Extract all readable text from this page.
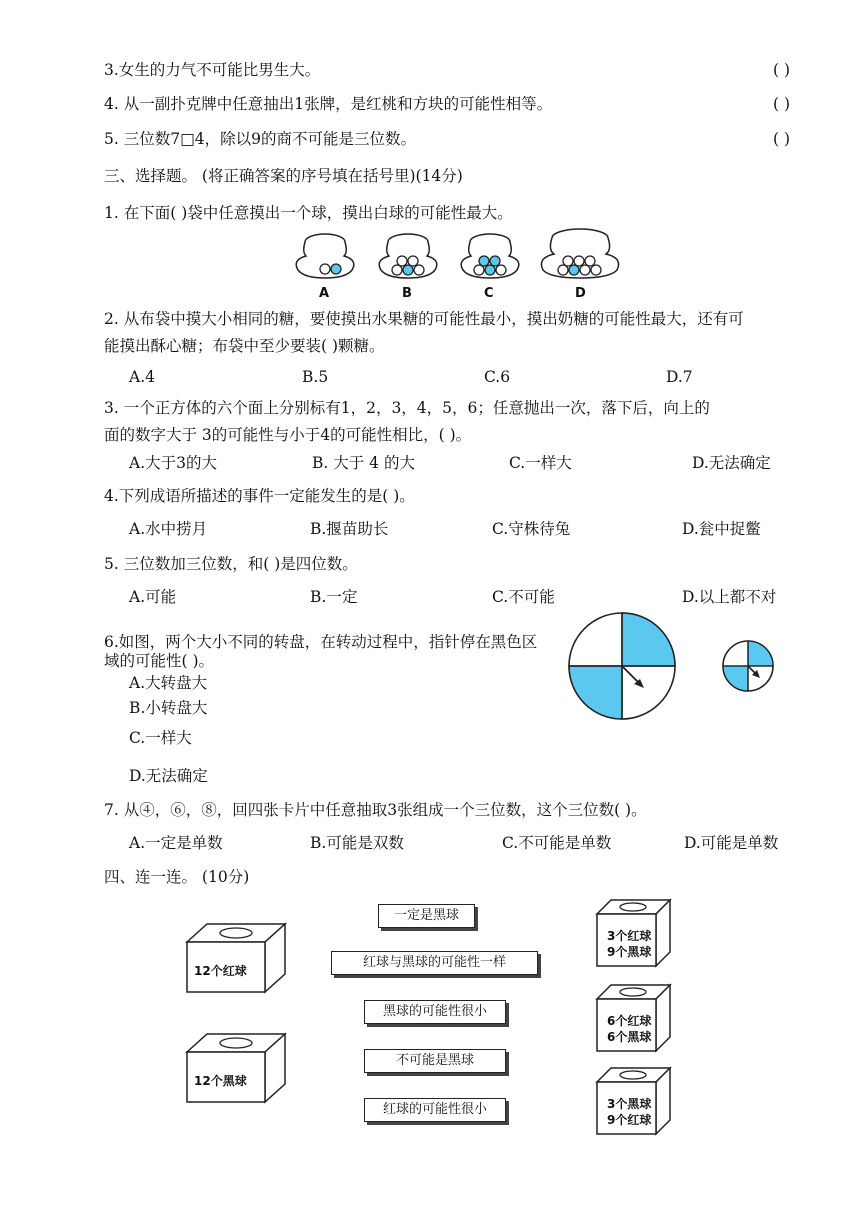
3.女生的力气不可能比男生大。	( )
4. 从一副扑克牌中任意抽出1张牌，是红桃和方块的可能性相等。	( )
5. 三位数7□4，除以9的商不可能是三位数。	( )
三、选择题。 (将正确答案的序号填在括号里)(14分)
1. 在下面( )袋中任意摸出一个球，摸出白球的可能性最大。
A	B	C	D
2. 从布袋中摸大小相同的糖，要使摸出水果糖的可能性最小，摸出奶糖的可能性最大，还有可
能摸出酥心糖；布袋中至少要装( )颗糖。
A.4	B.5	C.6	D.7
3. 一个正方体的六个面上分别标有1，2，3，4，5，6；任意抛出一次，落下后，向上的
面的数字大于 3的可能性与小于4的可能性相比，( )。
A.大于3的大	B. 大于 4 的大	C.一样大	D.无法确定
4.下列成语所描述的事件一定能发生的是( )。
A.水中捞月	B.揠苗助长	C.守株待兔	D.瓮中捉鳖
5. 三位数加三位数，和( )是四位数。
A.可能	B.一定	C.不可能	D.以上都不对
6.如图，两个大小不同的转盘，在转动过程中，指针停在黑色区
域的可能性( )。
A.大转盘大
B.小转盘大
C.一样大
D.无法确定
7. 从④，⑥，⑧，回四张卡片中任意抽取3张组成一个三位数，这个三位数( )。
A.一定是单数	B.可能是双数	C.不可能是单数	D.可能是单数
四、连一连。 (10分)
12个红球
12个黑球
一定是黑球
红球与黑球的可能性一样
黑球的可能性很小
不可能是黑球
红球的可能性很小
3个红球
9个黑球
6个红球
6个黑球
3个黑球
9个红球
